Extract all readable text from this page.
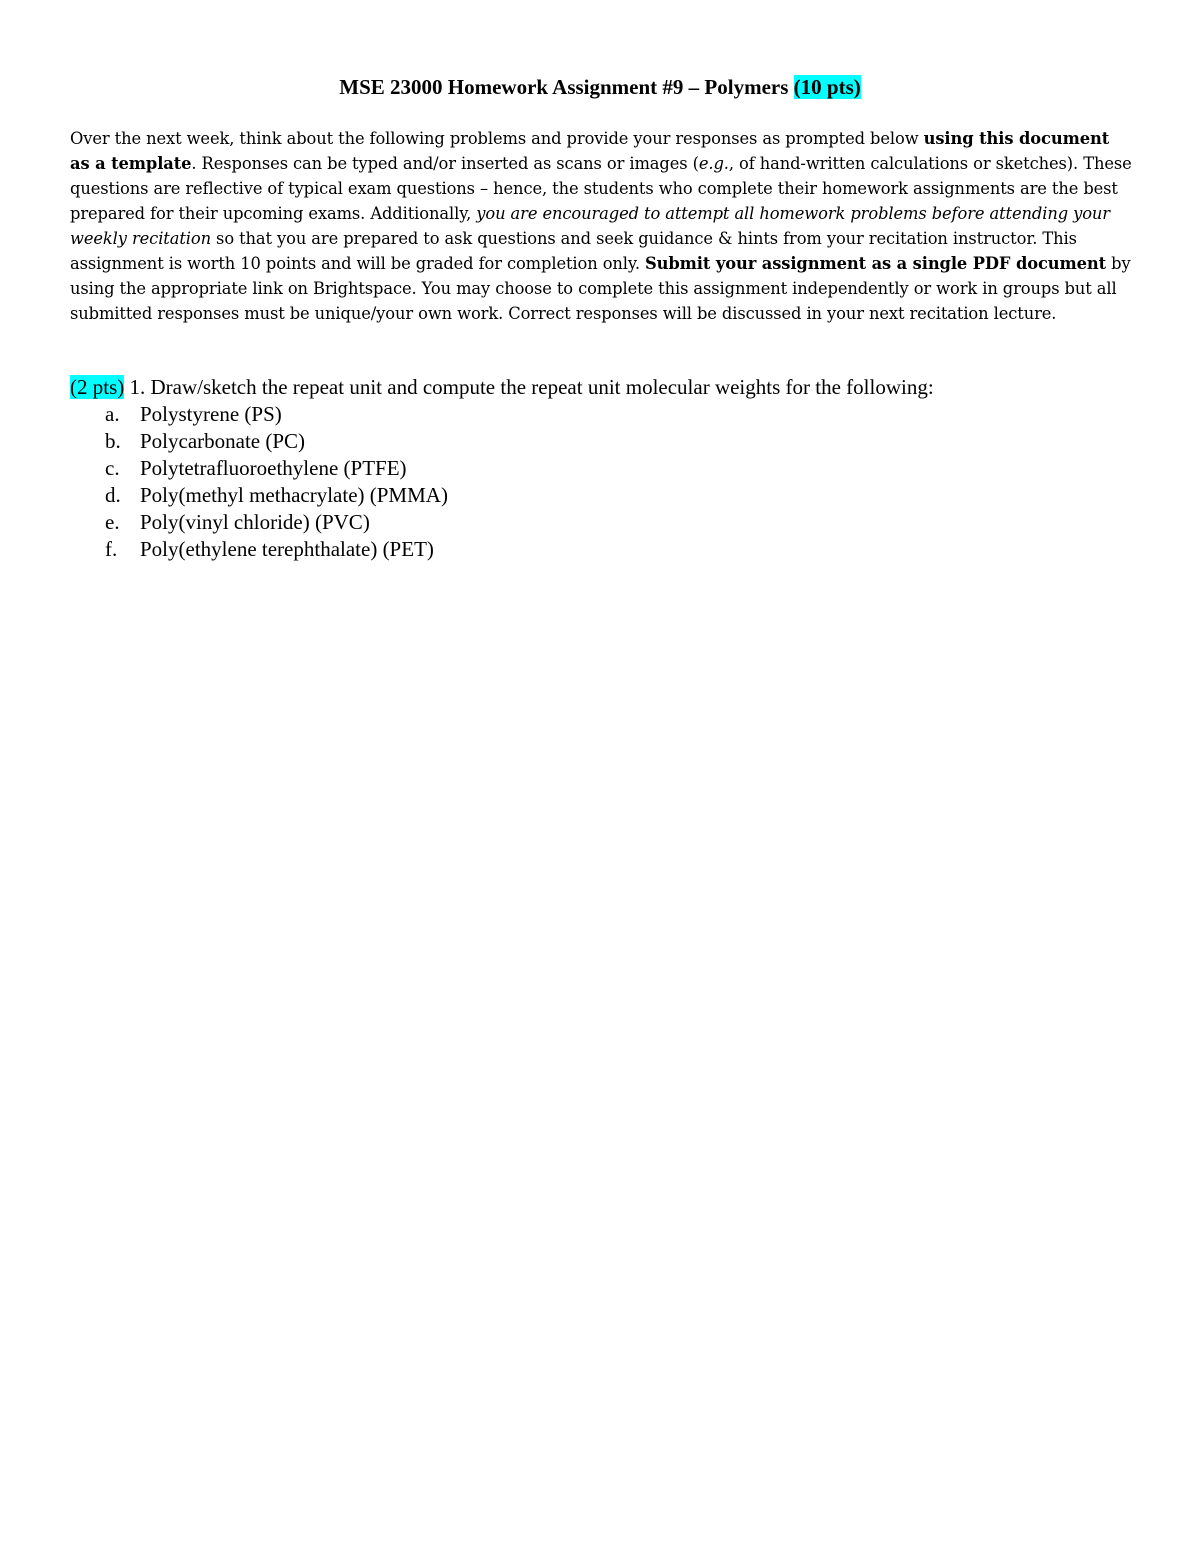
MSE 23000 Homework Assignment #9 – Polymers (10 pts)
Over the next week, think about the following problems and provide your responses as prompted below using this document as a template. Responses can be typed and/or inserted as scans or images (e.g., of hand-written calculations or sketches). These questions are reflective of typical exam questions – hence, the students who complete their homework assignments are the best prepared for their upcoming exams. Additionally, you are encouraged to attempt all homework problems before attending your weekly recitation so that you are prepared to ask questions and seek guidance & hints from your recitation instructor. This assignment is worth 10 points and will be graded for completion only. Submit your assignment as a single PDF document by using the appropriate link on Brightspace. You may choose to complete this assignment independently or work in groups but all submitted responses must be unique/your own work. Correct responses will be discussed in your next recitation lecture.
(2 pts) 1. Draw/sketch the repeat unit and compute the repeat unit molecular weights for the following:
a. Polystyrene (PS)
b. Polycarbonate (PC)
c. Polytetrafluoroethylene (PTFE)
d. Poly(methyl methacrylate) (PMMA)
e. Poly(vinyl chloride) (PVC)
f. Poly(ethylene terephthalate) (PET)
